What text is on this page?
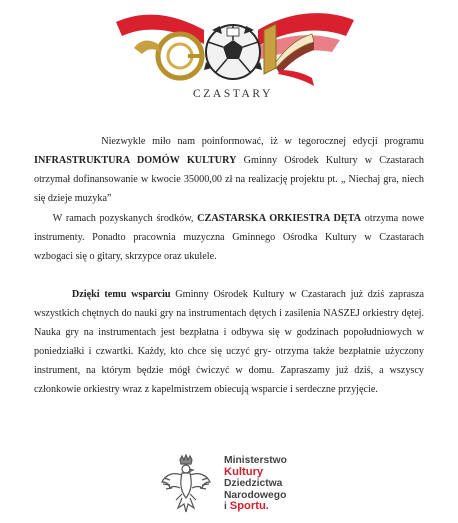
CZASTARY

Niezwykle miło nam poinformować, iż w tegorocznej edycji programu INFRASTRUKTURA DOMÓW KULTURY Gminny Ośrodek Kultury w Czastarach otrzymał dofinansowanie w kwocie 35000,00 zł na realizację projektu pt. „ Niechaj gra, niech się dzieje muzyka”

W ramach pozyskanych środków, CZASTARSKA ORKIESTRA DĘTA otrzyma nowe instrumenty. Ponadto pracownia muzyczna Gminnego Ośrodka Kultury w Czastarach wzbogaci się o gitary, skrzypce oraz ukulele.

Dzięki temu wsparciu Gminny Ośrodek Kultury w Czastarach już dziś zaprasza wszystkich chętnych do nauki gry na instrumentach dętych i zasilenia NASZEJ orkiestry dętej. Nauka gry na instrumentach jest bezpłatna i odbywa się w godzinach popołudniowych w poniedziałki i czwartki. Każdy, kto chce się uczyć gry- otrzyma także bezpłatnie użyczony instrument, na którym będzie mógł ćwiczyć w domu. Zapraszamy już dziś, a wszyscy członkowie orkiestry wraz z kapelmistrzem obiecują wsparcie i serdeczne przyjęcie.

Ministerstwo
Kultury
Dziedzictwa
Narodowego
i Sportu.
